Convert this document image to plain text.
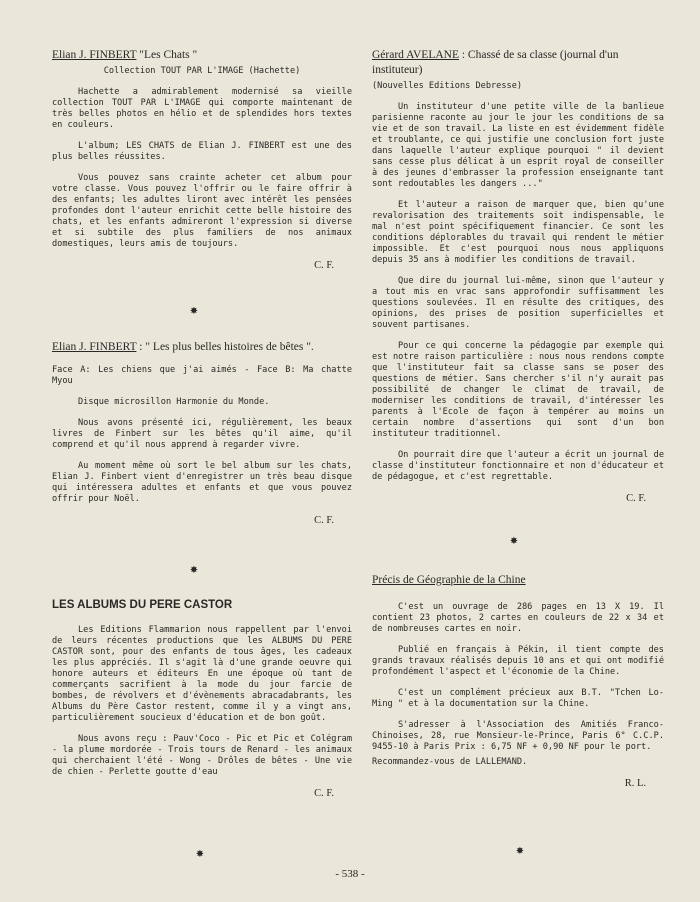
Elian J. FINBERT "Les Chats "

Collection TOUT PAR L'IMAGE (Hachette)

Hachette a admirablement modernisé sa vieille collection TOUT PAR L'IMAGE qui comporte maintenant de très belles photos en hélio et de splendides hors textes en couleurs.

L'album; LES CHATS de Elian J. FINBERT est une des plus belles réussites.

Vous pouvez sans crainte acheter cet album pour votre classe. Vous pouvez l'offrir ou le faire offrir à des enfants; les adultes liront avec intérêt les pensées profondes dont l'auteur enrichit cette belle histoire des chats, et les enfants admireront l'expression si diverse et si subtile des plus familiers de nos animaux domestiques, leurs amis de toujours.

C. F.

✸

Elian J. FINBERT : " Les plus belles histoires de bêtes ".

Face A: Les chiens que j'ai aimés - Face B: Ma chatte Myou

Disque microsillon Harmonie du Monde.

Nous avons présenté ici, régulièrement, les beaux livres de Finbert sur les bêtes qu'il aime, qu'il comprend et qu'il nous apprend à regarder vivre.

Au moment même où sort le bel album sur les chats, Elian J. Finbert vient d'enregistrer un très beau disque qui intéressera adultes et enfants et que vous pouvez offrir pour Noël.

C. F.

✸

LES ALBUMS DU PERE CASTOR

Les Editions Flammarion nous rappellent par l'envoi de leurs récentes productions que les ALBUMS DU PERE CASTOR sont, pour des enfants de tous âges, les cadeaux les plus appréciés. Il s'agit là d'une grande oeuvre qui honore auteurs et éditeurs En une époque où tant de commerçants sacrifient à la mode du jour farcie de bombes, de révolvers et d'évènements abracadabrants, les Albums du Père Castor restent, comme il y a vingt ans, particulièrement soucieux d'éducation et de bon goût.

Nous avons reçu : Pauv'Coco - Pic et Pic et Colégram - la plume mordorée - Trois tours de Renard - les animaux qui cherchaient l'été - Wong - Drôles de bêtes - Une vie de chien - Perlette goutte d'eau

C. F.

✸

Gérard AVELANE : Chassé de sa classe (journal d'un instituteur)

(Nouvelles Editions Debresse)

Un instituteur d'une petite ville de la banlieue parisienne raconte au jour le jour les conditions de sa vie et de son travail. La liste en est évidemment fidèle et troublante, ce qui justifie une conclusion fort juste dans laquelle l'auteur explique pourquoi " il devient sans cesse plus délicat à un esprit royal de conseiller à des jeunes d'embrasser la profession enseignante tant sont redoutables les dangers ..."

Et l'auteur a raison de marquer que, bien qu'une revalorisation des traitements soit indispensable, le mal n'est point spécifiquement financier. Ce sont les conditions déplorables du travail qui rendent le métier impossible. Et c'est pourquoi nous nous appliquons depuis 35 ans à modifier les conditions de travail.

Que dire du journal lui-même, sinon que l'auteur y a tout mis en vrac sans approfondir suffisamment les questions soulevées. Il en résulte des critiques, des opinions, des prises de position superficielles et souvent partisanes.

Pour ce qui concerne la pédagogie par exemple qui est notre raison particulière : nous nous rendons compte que l'instituteur fait sa classe sans se poser des questions de métier. Sans chercher s'il n'y aurait pas possibilité de changer le climat de travail, de moderniser les conditions de travail, d'intéresser les parents à l'Ecole de façon à tempérer au moins un certain nombre d'assertions qui sont d'un bon instituteur traditionnel.

On pourrait dire que l'auteur a écrit un journal de classe d'instituteur fonctionnaire et non d'éducateur et de pédagogue, et c'est regrettable.

C. F.

✸

Précis de Géographie de la Chine

C'est un ouvrage de 286 pages en 13 X 19. Il contient 23 photos, 2 cartes en couleurs de 22 x 34 et de nombreuses cartes en noir.

Publié en français à Pékin, il tient compte des grands travaux réalisés depuis 10 ans et qui ont modifié profondément l'aspect et l'économie de la Chine.

C'est un complément précieux aux B.T. "Tchen Lo-Ming " et à la documentation sur la Chine.

S'adresser à l'Association des Amitiés Franco-Chinoises, 28, rue Monsieur-le-Prince, Paris 6° C.C.P. 9455-10 à Paris Prix : 6,75 NF + 0,90 NF pour le port.

Recommandez-vous de LALLEMAND.

R. L.

✸
- 538 -
